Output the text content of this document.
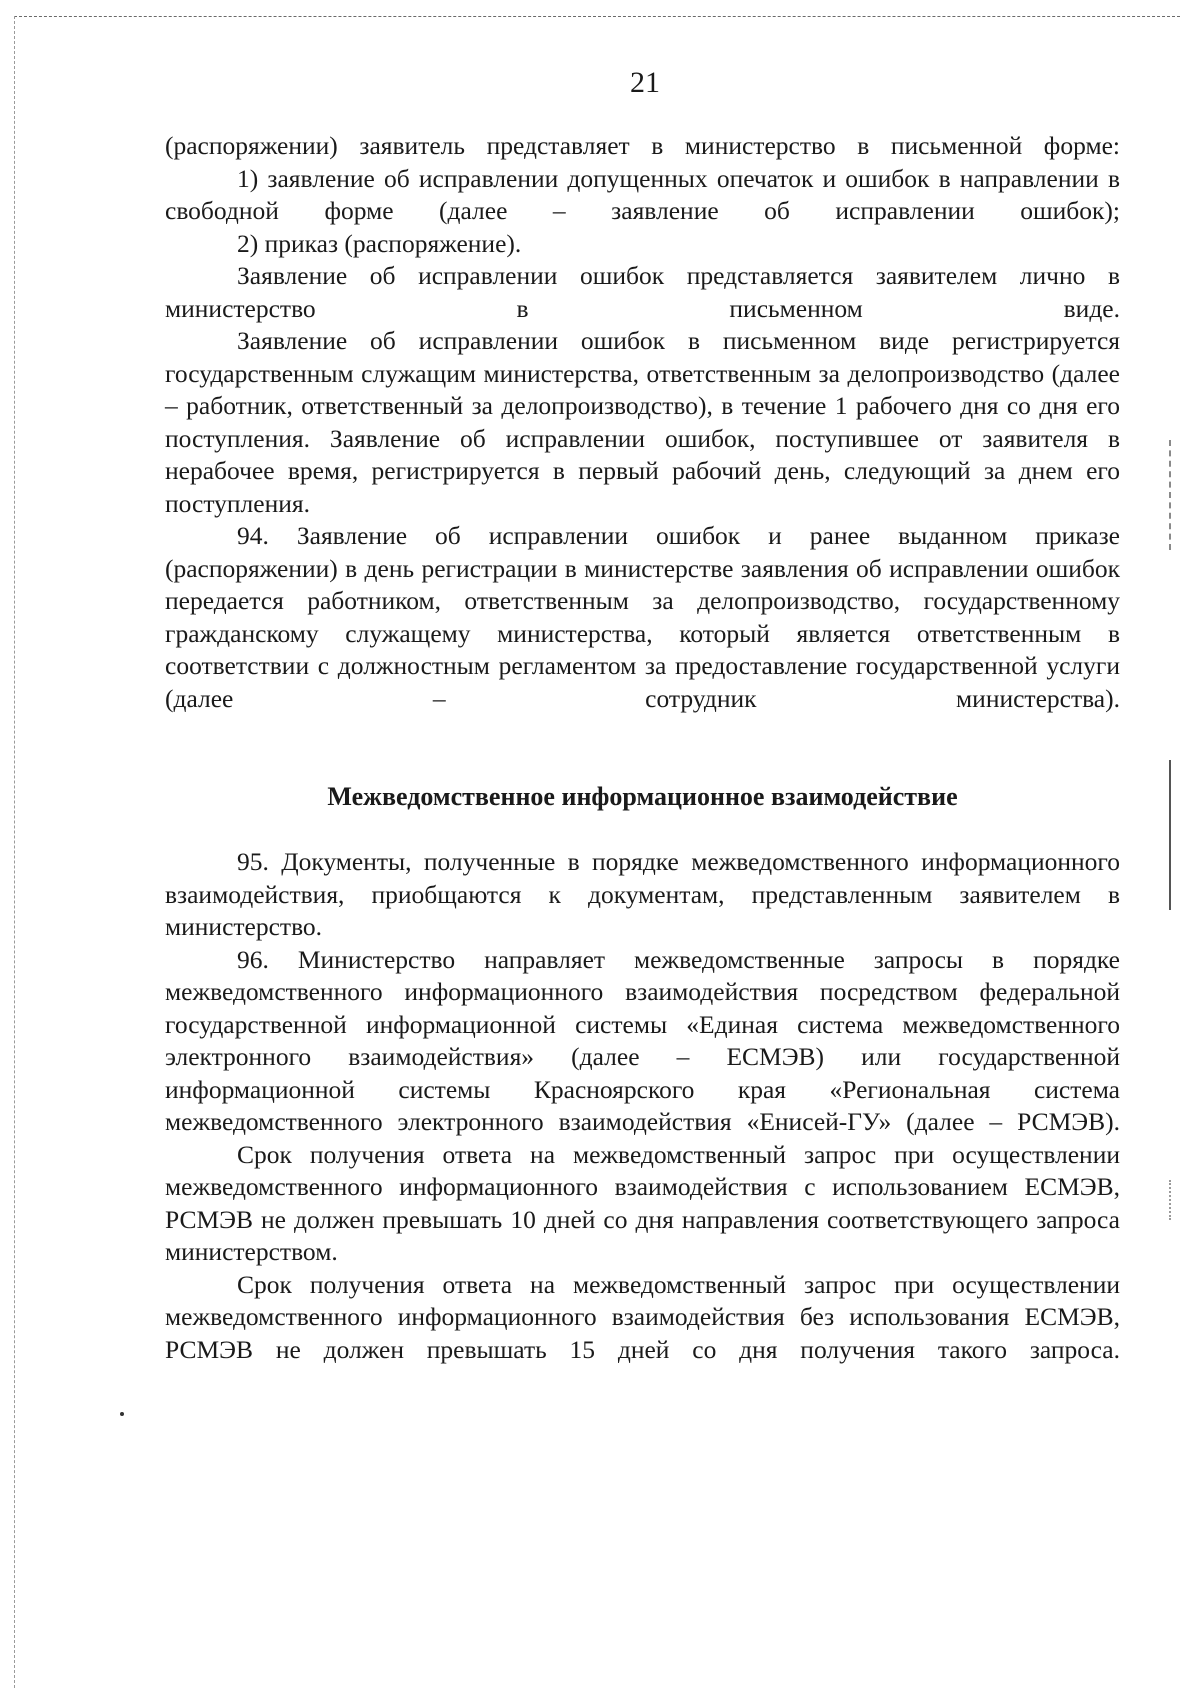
21

(распоряжении) заявитель представляет в министерство в письменной форме:

1) заявление об исправлении допущенных опечаток и ошибок в направлении в свободной форме (далее – заявление об исправлении ошибок);

2) приказ (распоряжение).

Заявление об исправлении ошибок представляется заявителем лично в министерство в письменном виде.

Заявление об исправлении ошибок в письменном виде регистрируется государственным служащим министерства, ответственным за делопроизводство (далее – работник, ответственный за делопроизводство), в течение 1 рабочего дня со дня его поступления. Заявление об исправлении ошибок, поступившее от заявителя в нерабочее время, регистрируется в первый рабочий день, следующий за днем его поступления.

94. Заявление об исправлении ошибок и ранее выданном приказе (распоряжении) в день регистрации в министерстве заявления об исправлении ошибок передается работником, ответственным за делопроизводство, государственному гражданскому служащему министерства, который является ответственным в соответствии с должностным регламентом за предоставление государственной услуги (далее – сотрудник министерства).

Межведомственное информационное взаимодействие

95. Документы, полученные в порядке межведомственного информационного взаимодействия, приобщаются к документам, представленным заявителем в министерство.

96. Министерство направляет межведомственные запросы в порядке межведомственного информационного взаимодействия посредством федеральной государственной информационной системы «Единая система межведомственного электронного взаимодействия» (далее – ЕСМЭВ) или государственной информационной системы Красноярского края «Региональная система межведомственного электронного взаимодействия «Енисей-ГУ» (далее – РСМЭВ).

Срок получения ответа на межведомственный запрос при осуществлении межведомственного информационного взаимодействия с использованием ЕСМЭВ, РСМЭВ не должен превышать 10 дней со дня направления соответствующего запроса министерством.

Срок получения ответа на межведомственный запрос при осуществлении межведомственного информационного взаимодействия без использования ЕСМЭВ, РСМЭВ не должен превышать 15 дней со дня получения такого запроса.
